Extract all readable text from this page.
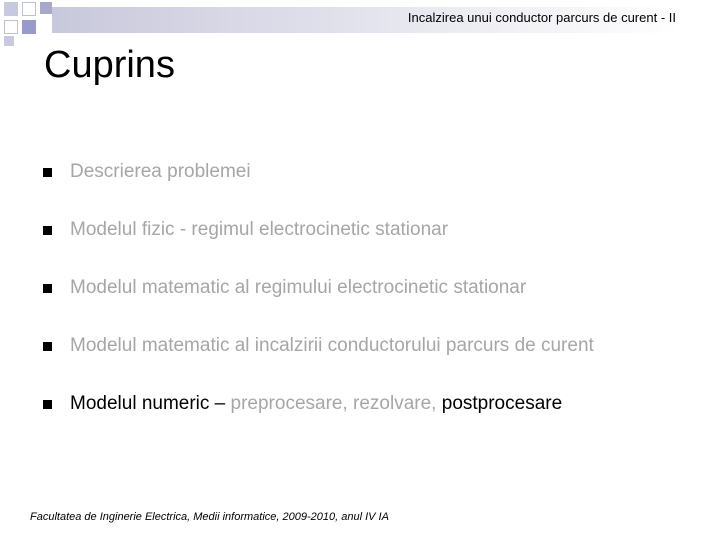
Incalzirea unui conductor parcurs de curent - II
Cuprins
Descrierea problemei
Modelul fizic - regimul electrocinetic stationar
Modelul matematic al regimului electrocinetic stationar
Modelul matematic al incalzirii conductorului parcurs de curent
Modelul numeric – preprocesare, rezolvare, postprocesare
Facultatea de Inginerie Electrica, Medii informatice, 2009-2010, anul IV IA
